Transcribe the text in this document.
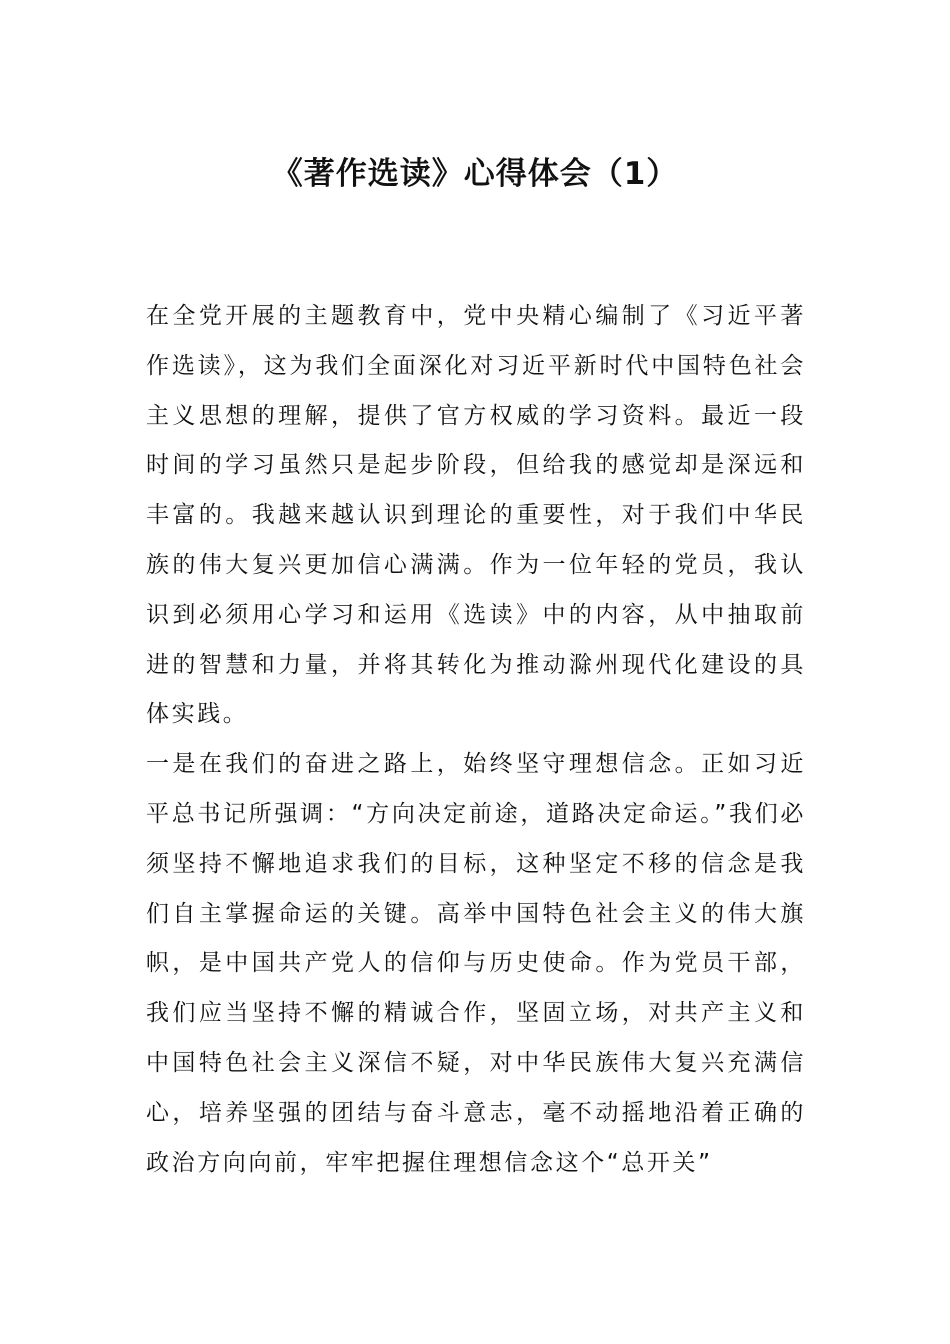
《著作选读》心得体会（1）

在全党开展的主题教育中，党中央精心编制了《习近平著作选读》，这为我们全面深化对习近平新时代中国特色社会主义思想的理解，提供了官方权威的学习资料。最近一段时间的学习虽然只是起步阶段，但给我的感觉却是深远和丰富的。我越来越认识到理论的重要性，对于我们中华民族的伟大复兴更加信心满满。作为一位年轻的党员，我认识到必须用心学习和运用《选读》中的内容，从中抽取前进的智慧和力量，并将其转化为推动滁州现代化建设的具体实践。

一是在我们的奋进之路上，始终坚守理想信念。正如习近平总书记所强调：“方向决定前途，道路决定命运。”我们必须坚持不懈地追求我们的目标，这种坚定不移的信念是我们自主掌握命运的关键。高举中国特色社会主义的伟大旗帜，是中国共产党人的信仰与历史使命。作为党员干部，我们应当坚持不懈的精诚合作，坚固立场，对共产主义和中国特色社会主义深信不疑，对中华民族伟大复兴充满信心，培养坚强的团结与奋斗意志，毫不动摇地沿着正确的政治方向向前，牢牢把握住理想信念这个“总开关”
